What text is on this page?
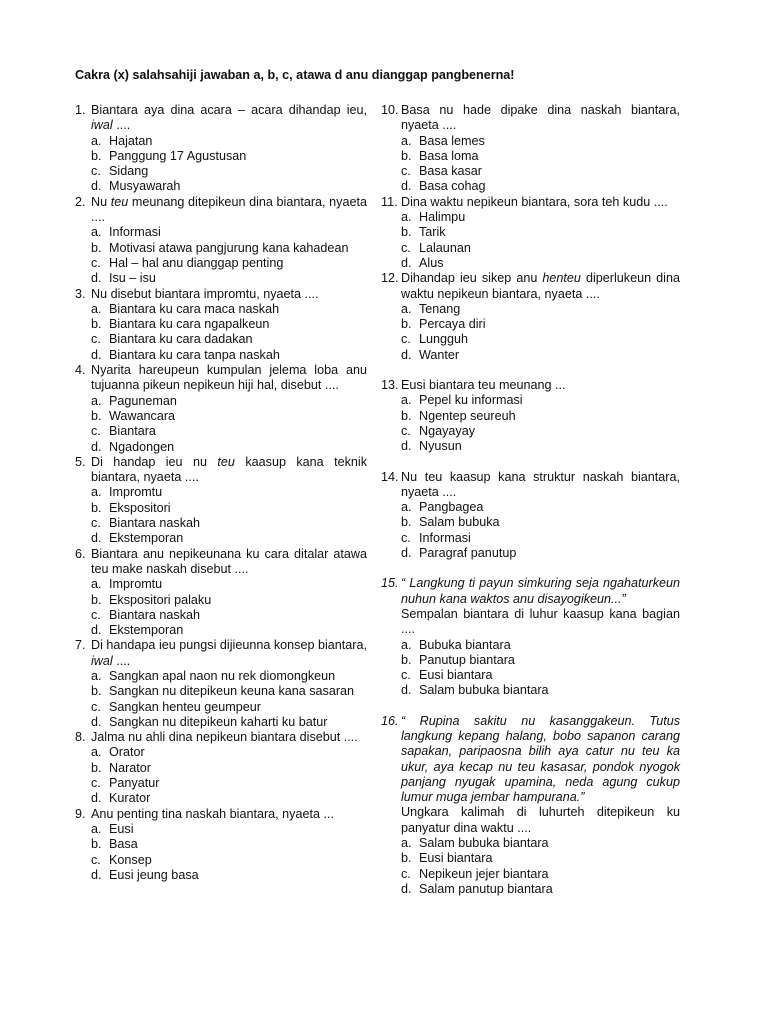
Cakra (x) salahsahiji jawaban a, b, c, atawa d anu dianggap pangbenerna!
1. Biantara aya dina acara – acara dihandap ieu, iwal ....
a. Hajatan
b. Panggung 17 Agustusan
c. Sidang
d. Musyawarah
2. Nu teu meunang ditepikeun dina biantara, nyaeta ....
a. Informasi
b. Motivasi atawa pangjurung kana kahadean
c. Hal – hal anu dianggap penting
d. Isu – isu
3. Nu disebut biantara impromtu, nyaeta ....
a. Biantara ku cara maca naskah
b. Biantara ku cara ngapalkeun
c. Biantara ku cara dadakan
d. Biantara ku cara tanpa naskah
4. Nyarita hareupeun kumpulan jelema loba anu tujuanna pikeun nepikeun hiji hal, disebut ....
a. Paguneman
b. Wawancara
c. Biantara
d. Ngadongen
5. Di handap ieu nu teu kaasup kana teknik biantara, nyaeta ....
a. Impromtu
b. Ekspositori
c. Biantara naskah
d. Ekstemporan
6. Biantara anu nepikeunana ku cara ditalar atawa teu make naskah disebut ....
a. Impromtu
b. Ekspositori palaku
c. Biantara naskah
d. Ekstemporan
7. Di handapa ieu pungsi dijieunna konsep biantara, iwal ....
a. Sangkan apal naon nu rek diomongkeun
b. Sangkan nu ditepikeun keuna kana sasaran
c. Sangkan henteu geumpeur
d. Sangkan nu ditepikeun kaharti ku batur
8. Jalma nu ahli dina nepikeun biantara disebut ....
a. Orator
b. Narator
c. Panyatur
d. Kurator
9. Anu penting tina naskah biantara, nyaeta ...
a. Eusi
b. Basa
c. Konsep
d. Eusi jeung basa
10. Basa nu hade dipake dina naskah biantara, nyaeta ....
a. Basa lemes
b. Basa loma
c. Basa kasar
d. Basa cohag
11. Dina waktu nepikeun biantara, sora teh kudu ....
a. Halimpu
b. Tarik
c. Lalaunan
d. Alus
12. Dihandap ieu sikep anu henteu diperlukeun dina waktu nepikeun biantara, nyaeta ....
a. Tenang
b. Percaya diri
c. Lungguh
d. Wanter
13. Eusi biantara teu meunang ...
a. Pepel ku informasi
b. Ngentep seureuh
c. Ngayayay
d. Nyusun
14. Nu teu kaasup kana struktur naskah biantara, nyaeta ....
a. Pangbagea
b. Salam bubuka
c. Informasi
d. Paragraf panutup
15. “ Langkung ti payun simkuring seja ngahaturkeun nuhun kana waktos anu disayogikeun...”
Sempalan biantara di luhur kaasup kana bagian ....
a. Bubuka biantara
b. Panutup biantara
c. Eusi biantara
d. Salam bubuka biantara
16. “ Rupina sakitu nu kasanggakeun. Tutus langkung kepang halang, bobo sapanon carang sapakan, paripaosna bilih aya catur nu teu ka ukur, aya kecap nu teu kasasar, pondok nyogok panjang nyugak upamina, neda agung cukup lumur muga jembar hampurana.”
Ungkara kalimah di luhurteh ditepikeun ku panyatur dina waktu ....
a. Salam bubuka biantara
b. Eusi biantara
c. Nepikeun jejer biantara
d. Salam panutup biantara
